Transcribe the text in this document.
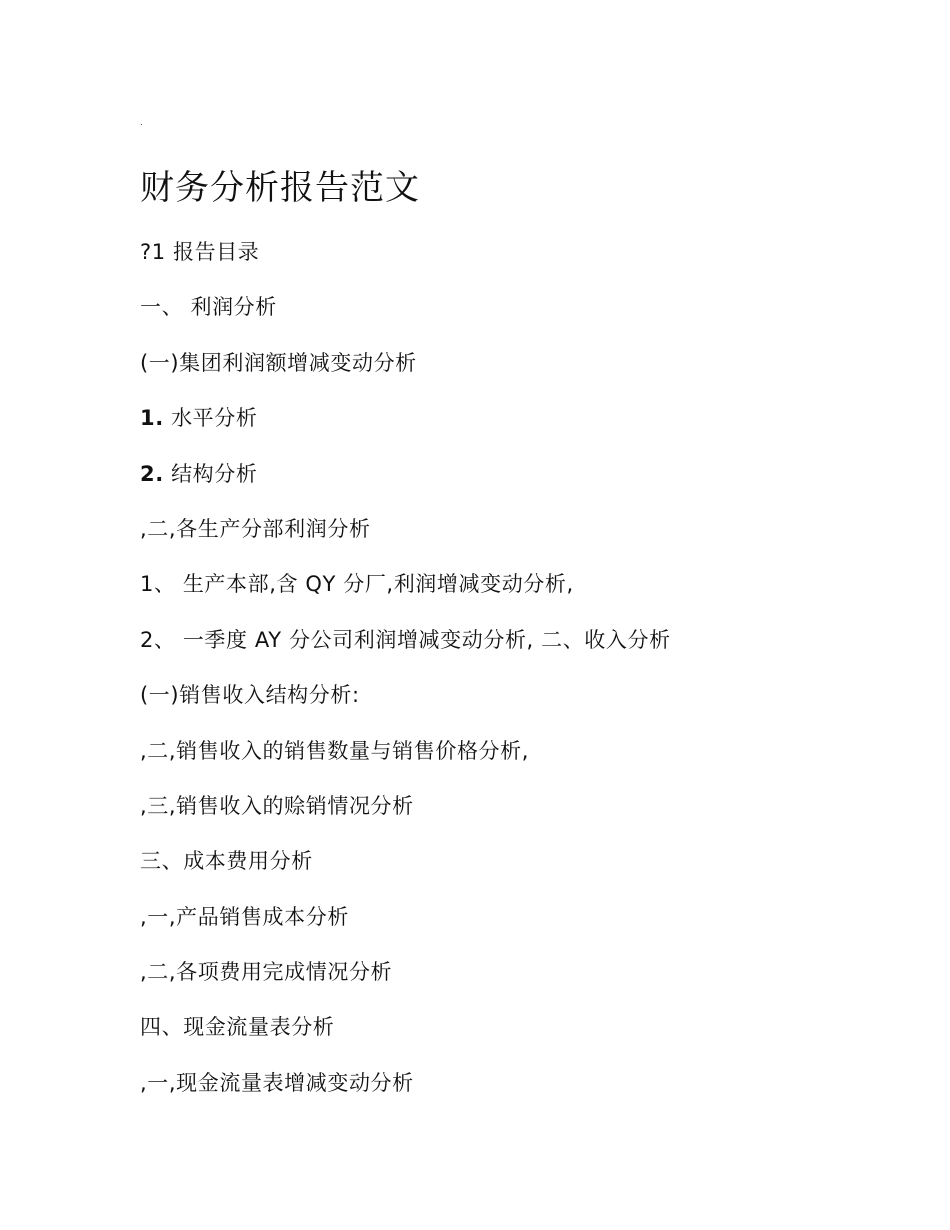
.
财务分析报告范文
?1 报告目录
一、 利润分析
(一)集团利润额增减变动分析
1. 水平分析
2. 结构分析
,二,各生产分部利润分析
1、 生产本部,含 QY 分厂,利润增减变动分析,
2、 一季度 AY 分公司利润增减变动分析, 二、收入分析
(一)销售收入结构分析:
,二,销售收入的销售数量与销售价格分析,
,三,销售收入的赊销情况分析
三、成本费用分析
,一,产品销售成本分析
,二,各项费用完成情况分析
四、现金流量表分析
,一,现金流量表增减变动分析
